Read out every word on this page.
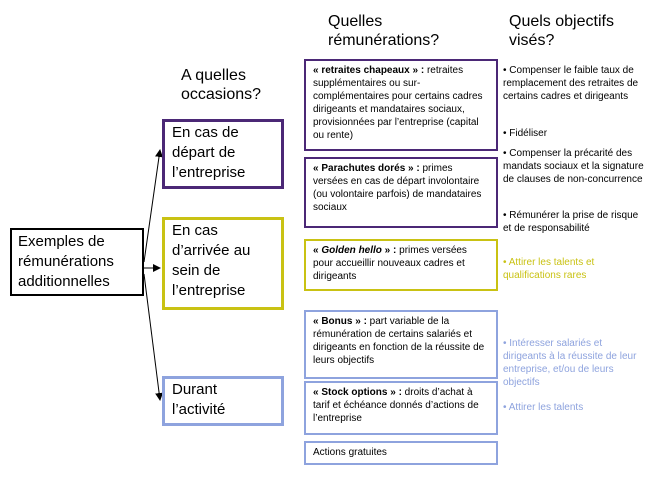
A quelles occasions?
Quelles rémunérations?
Quels objectifs visés?
Exemples de rémunérations additionnelles
En cas de départ de l’entreprise
En cas d’arrivée au sein de l’entreprise
Durant l’activité
« retraites chapeaux » : retraites supplémentaires ou sur-complémentaires pour certains cadres dirigeants et mandataires sociaux, provisionnées par l’entreprise (capital ou rente)
« Parachutes dorés » : primes versées en cas de départ involontaire (ou volontaire parfois) de mandataires sociaux
« Golden hello » : primes versées pour accueillir nouveaux cadres et dirigeants
« Bonus » : part variable de la rémunération de certains salariés et dirigeants en fonction de la réussite de leurs objectifs
« Stock options » : droits d’achat à tarif et échéance donnés d’actions de l’entreprise
Actions gratuites
• Compenser le faible taux de remplacement des retraites de certains cadres et dirigeants
• Fidéliser
• Compenser la précarité des mandats sociaux et la signature de clauses de non-concurrence
• Rémunérer la prise de risque et de responsabilité
• Attirer les talents et qualifications rares
• Intéresser salariés et dirigeants à la réussite de leur entreprise, et/ou de leurs objectifs
• Attirer les talents
